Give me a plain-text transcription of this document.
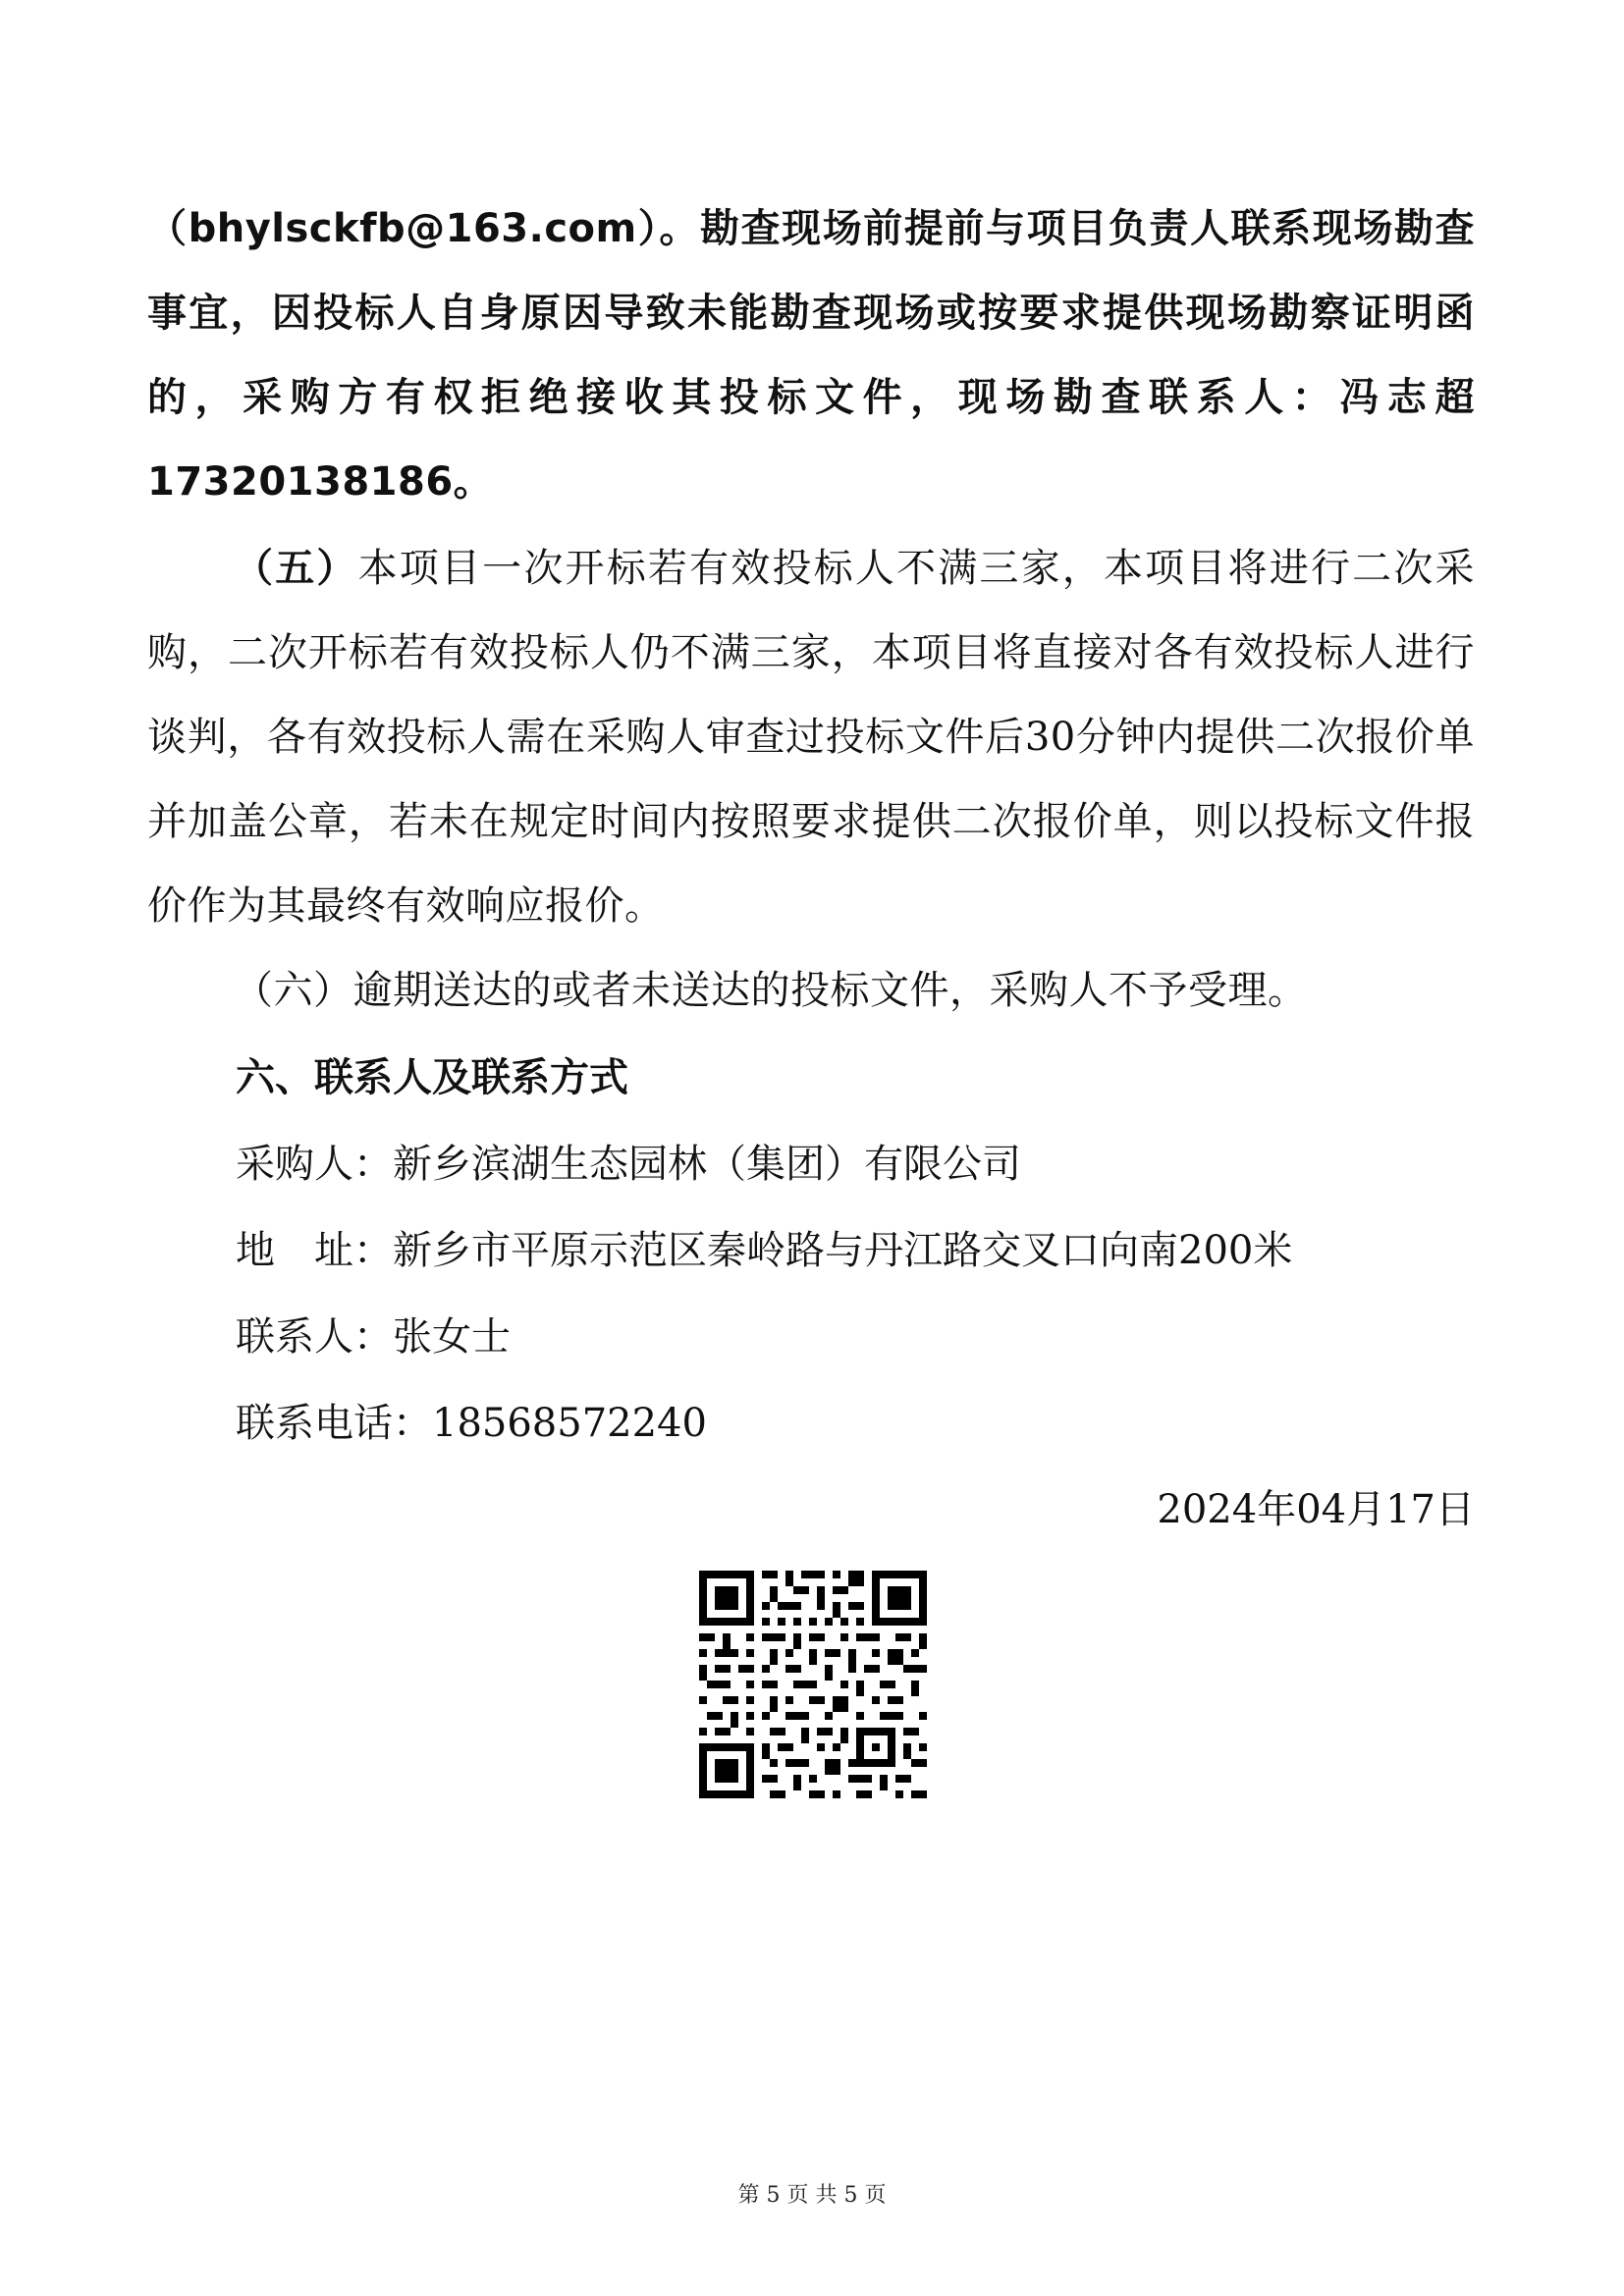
（bhylsckfb@163.com）。勘查现场前提前与项目负责人联系现场勘查事宜，因投标人自身原因导致未能勘查现场或按要求提供现场勘察证明函的，采购方有权拒绝接收其投标文件，现场勘查联系人：冯志超17320138186。

（五）本项目一次开标若有效投标人不满三家，本项目将进行二次采购，二次开标若有效投标人仍不满三家，本项目将直接对各有效投标人进行谈判，各有效投标人需在采购人审查过投标文件后30分钟内提供二次报价单并加盖公章，若未在规定时间内按照要求提供二次报价单，则以投标文件报价作为其最终有效响应报价。

（六）逾期送达的或者未送达的投标文件，采购人不予受理。

六、联系人及联系方式

采购人：新乡滨湖生态园林（集团）有限公司

地　址：新乡市平原示范区秦岭路与丹江路交叉口向南200米

联系人：张女士

联系电话：18568572240

2024年04月17日

第 5 页 共 5 页
